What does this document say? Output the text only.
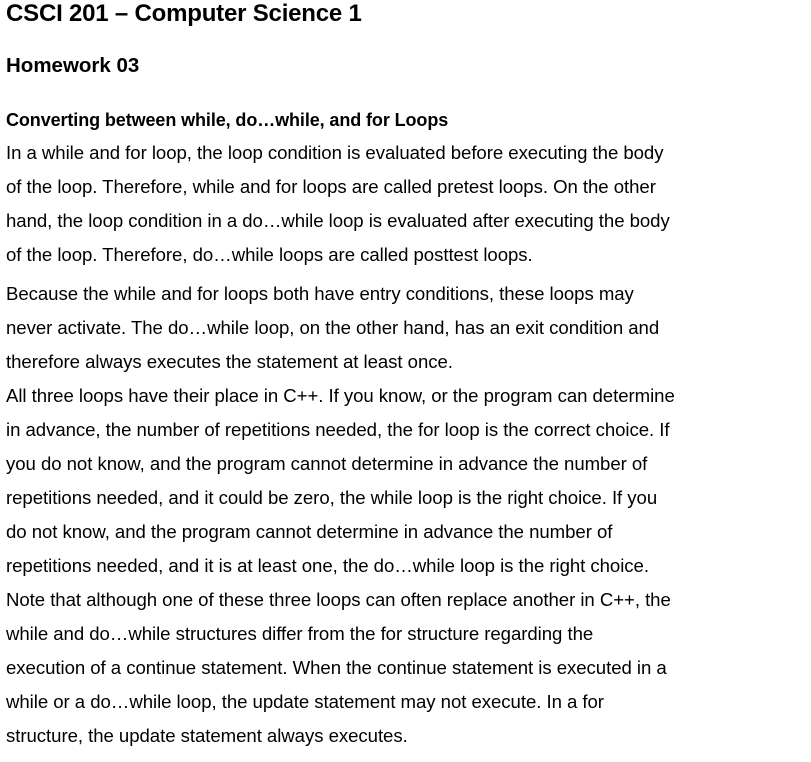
CSCI 201 – Computer Science 1
Homework 03
Converting between while, do…while, and for Loops

In a while and for loop, the loop condition is evaluated before executing the body
of the loop. Therefore, while and for loops are called pretest loops. On the other
hand, the loop condition in a do…while loop is evaluated after executing the body
of the loop. Therefore, do…while loops are called posttest loops.

Because the while and for loops both have entry conditions, these loops may
never activate. The do…while loop, on the other hand, has an exit condition and
therefore always executes the statement at least once.

All three loops have their place in C++. If you know, or the program can determine
in advance, the number of repetitions needed, the for loop is the correct choice. If
you do not know, and the program cannot determine in advance the number of
repetitions needed, and it could be zero, the while loop is the right choice. If you
do not know, and the program cannot determine in advance the number of
repetitions needed, and it is at least one, the do…while loop is the right choice.

Note that although one of these three loops can often replace another in C++, the
while and do…while structures differ from the for structure regarding the
execution of a continue statement. When the continue statement is executed in a
while or a do…while loop, the update statement may not execute. In a for
structure, the update statement always executes.
